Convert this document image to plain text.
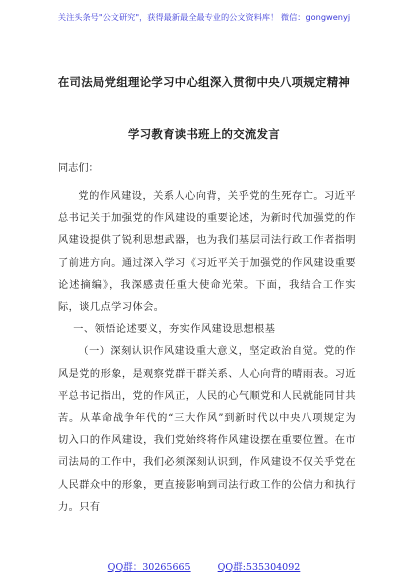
关注头条号"公文研究"，获得最新最全最专业的公文资料库！ 微信：gongwenyj
在司法局党组理论学习中心组深入贯彻中央八项规定精神
学习教育读书班上的交流发言
同志们：

党的作风建设，关系人心向背，关乎党的生死存亡。习近平总书记关于加强党的作风建设的重要论述，为新时代加强党的作风建设提供了锐利思想武器，也为我们基层司法行政工作者指明了前进方向。通过深入学习《习近平关于加强党的作风建设重要论述摘编》，我深感责任重大使命光荣。下面，我结合工作实际，谈几点学习体会。

一、领悟论述要义，夯实作风建设思想根基

（一）深刻认识作风建设重大意义，坚定政治自觉。党的作风是党的形象，是观察党群干群关系、人心向背的晴雨表。习近平总书记指出，党的作风正，人民的心气顺党和人民就能同甘共苦。从革命战争年代的“三大作风”到新时代以中央八项规定为切入口的作风建设，我们党始终将作风建设摆在重要位置。在市司法局的工作中，我们必须深刻认识到，作风建设不仅关乎党在人民群众中的形象，更直接影响到司法行政工作的公信力和执行力。只有

QQ群：30265665	QQ群:535304092
